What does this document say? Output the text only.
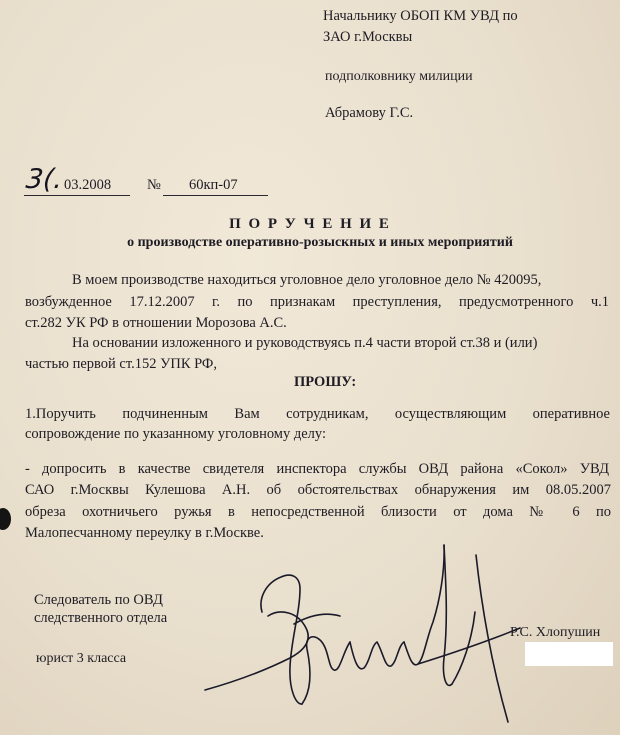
Начальнику ОБОП КМ УВД по
ЗАО г.Москвы
подполковнику милиции
Абрамову Г.С.
3(. 03.2008 № 60кп-07
П О Р У Ч Е Н И Е
о производстве оперативно-розыскных и иных мероприятий
В моем производстве находиться уголовное дело уголовное дело № 420095,
возбужденное 17.12.2007 г. по признакам преступления, предусмотренного ч.1
ст.282 УК РФ в отношении Морозова А.С.
На основании изложенного и руководствуясь п.4 части второй ст.38 и (или)
частью первой ст.152 УПК РФ,
ПРОШУ:
1.Поручить подчиненным Вам сотрудникам, осуществляющим оперативное
сопровождение по указанному уголовному делу:
- допросить в качестве свидетеля инспектора службы ОВД района «Сокол» УВД
САО г.Москвы Кулешова А.Н. об обстоятельствах обнаружения им 08.05.2007
обреза охотничьего ружья в непосредственной близости от дома № 6 по
Малопесчанному переулку в г.Москве.
Следователь по ОВД
следственного отдела
юрист 3 класса
Р.С. Хлопушин
